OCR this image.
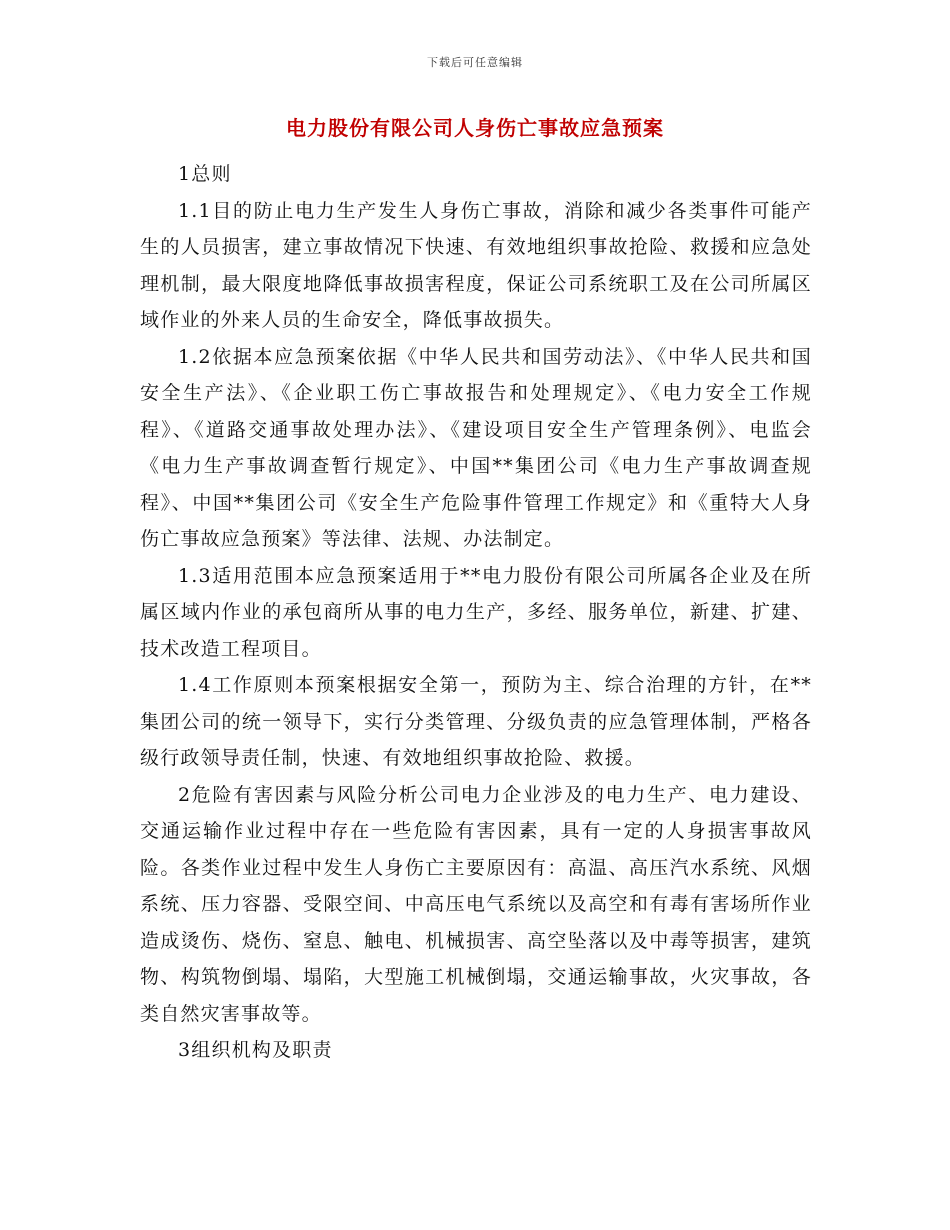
下载后可任意编辑
电力股份有限公司人身伤亡事故应急预案

1总则

1.1目的防止电力生产发生人身伤亡事故，消除和减少各类事件可能产生的人员损害，建立事故情况下快速、有效地组织事故抢险、救援和应急处理机制，最大限度地降低事故损害程度，保证公司系统职工及在公司所属区域作业的外来人员的生命安全，降低事故损失。

1.2依据本应急预案依据《中华人民共和国劳动法》、《中华人民共和国安全生产法》、《企业职工伤亡事故报告和处理规定》、《电力安全工作规程》、《道路交通事故处理办法》、《建设项目安全生产管理条例》、电监会《电力生产事故调查暂行规定》、中国**集团公司《电力生产事故调查规程》、中国**集团公司《安全生产危险事件管理工作规定》和《重特大人身伤亡事故应急预案》等法律、法规、办法制定。

1.3适用范围本应急预案适用于**电力股份有限公司所属各企业及在所属区域内作业的承包商所从事的电力生产，多经、服务单位，新建、扩建、技术改造工程项目。

1.4工作原则本预案根据安全第一，预防为主、综合治理的方针，在**集团公司的统一领导下，实行分类管理、分级负责的应急管理体制，严格各级行政领导责任制，快速、有效地组织事故抢险、救援。

2危险有害因素与风险分析公司电力企业涉及的电力生产、电力建设、交通运输作业过程中存在一些危险有害因素，具有一定的人身损害事故风险。各类作业过程中发生人身伤亡主要原因有：高温、高压汽水系统、风烟系统、压力容器、受限空间、中高压电气系统以及高空和有毒有害场所作业造成烫伤、烧伤、窒息、触电、机械损害、高空坠落以及中毒等损害，建筑物、构筑物倒塌、塌陷，大型施工机械倒塌，交通运输事故，火灾事故，各类自然灾害事故等。

3组织机构及职责
